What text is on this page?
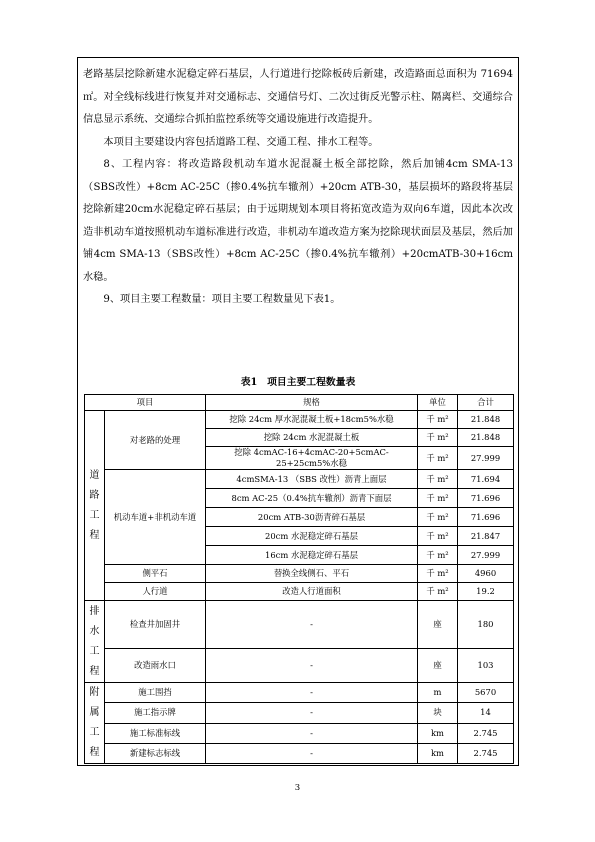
老路基层挖除新建水泥稳定碎石基层，人行道进行挖除板砖后新建，改造路面总面积为 71694 ㎡。对全线标线进行恢复并对交通标志、交通信号灯、二次过街反光警示柱、隔离栏、交通综合信息显示系统、交通综合抓拍监控系统等交通设施进行改造提升。

本项目主要建设内容包括道路工程、交通工程、排水工程等。

8、工程内容：将改造路段机动车道水泥混凝土板全部挖除，然后加铺4cm SMA-13（SBS改性）+8cm AC-25C（掺0.4%抗车辙剂）+20cm ATB-30，基层损坏的路段将基层挖除新建20cm水泥稳定碎石基层；由于远期规划本项目将拓宽改造为双向6车道，因此本次改造非机动车道按照机动车道标准进行改造，非机动车道改造方案为挖除现状面层及基层，然后加铺4cm SMA-13（SBS改性）+8cm AC-25C（掺0.4%抗车辙剂）+20cmATB-30+16cm水稳。

9、项目主要工程数量：项目主要工程数量见下表1。

表1　项目主要工程数量表
项目		规格	单位	合计

道
路
工
程	对老路的处理	挖除 24cm 厚水泥混凝土板+18cm5%水稳	千 m²	21.848
		挖除 24cm 水泥混凝土板	千 m²	21.848
		挖除 4cmAC-16+4cmAC-20+5cmAC-25+25cm5%水稳	千 m²	27.999
	机动车道+非机动车道	4cmSMA-13 （SBS 改性）沥青上面层	千 m²	71.694
		8cm AC-25（0.4%抗车辙剂）沥青下面层	千 m²	71.696
		20cm ATB-30沥青碎石基层	千 m²	71.696
		20cm 水泥稳定碎石基层	千 m²	21.847
		16cm 水泥稳定碎石基层	千 m²	27.999
	侧平石	替换全线侧石、平石	千 m²	4960
	人行道	改造人行道面积	千 m²	19.2

排
水
工
程	检查井加固井	-	座	180
	改造雨水口	-	座	103

附
属
工
程	施工围挡	-	m	5670
	施工指示牌	-	块	14
	施工标准标线	-	km	2.745
	新建标志标线	-	km	2.745
3
